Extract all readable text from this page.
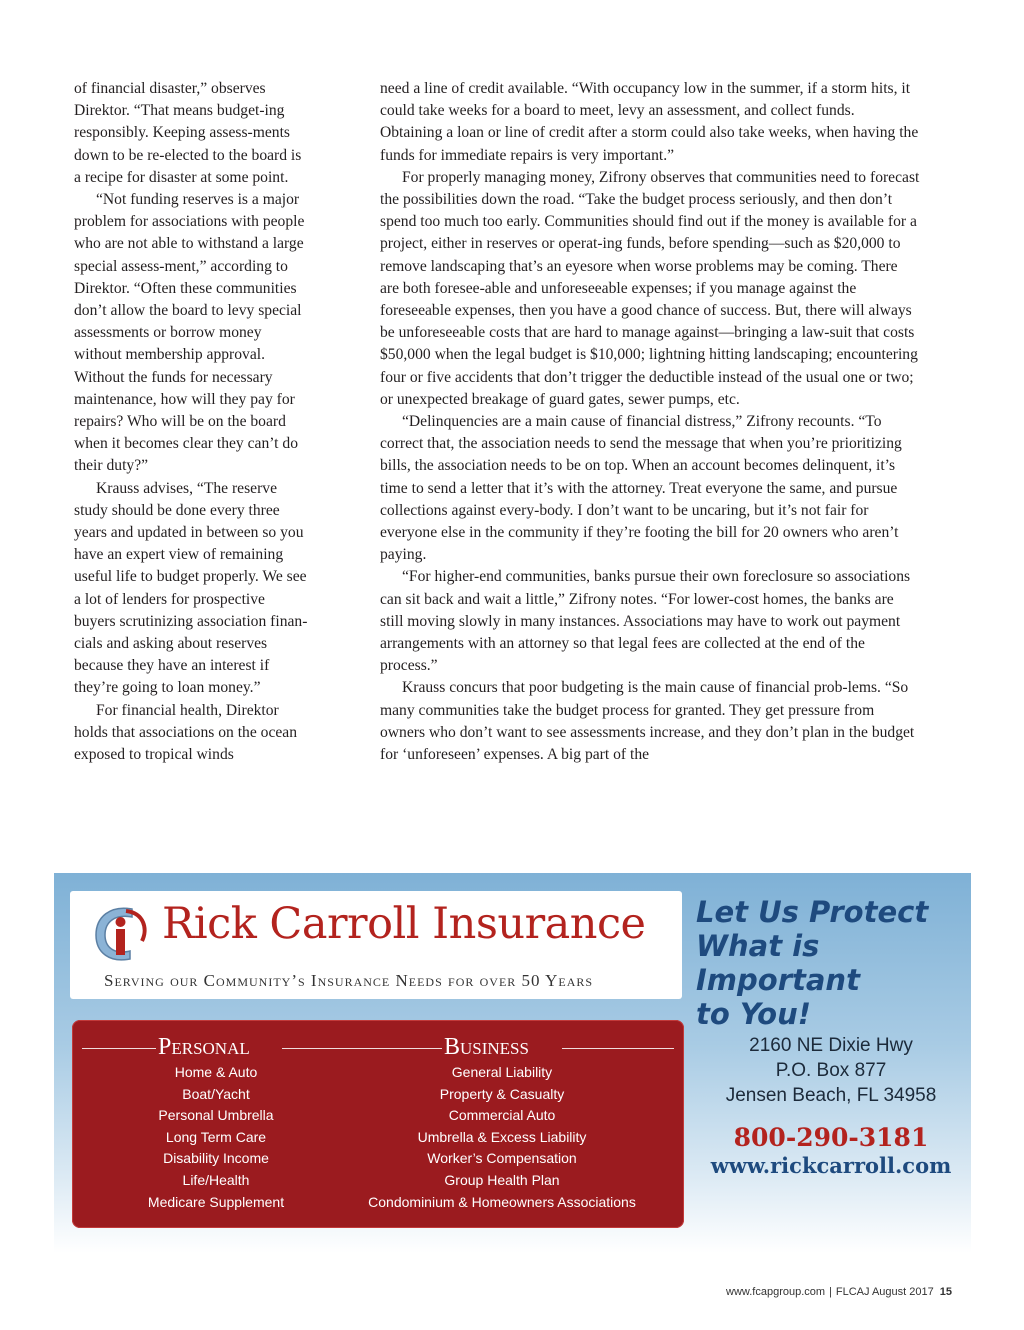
of financial disaster,” observes Direktor. “That means budget-ing responsibly. Keeping assess-ments down to be re-elected to the board is a recipe for disaster at some point.

“Not funding reserves is a major problem for associations with people who are not able to withstand a large special assess-ment,” according to Direktor. “Often these communities don’t allow the board to levy special assessments or borrow money without membership approval. Without the funds for necessary maintenance, how will they pay for repairs? Who will be on the board when it becomes clear they can’t do their duty?”

Krauss advises, “The reserve study should be done every three years and updated in between so you have an expert view of remaining useful life to budget properly. We see a lot of lenders for prospective buyers scrutinizing association finan-cials and asking about reserves because they have an interest if they’re going to loan money.”

For financial health, Direktor holds that associations on the ocean exposed to tropical winds

need a line of credit available. “With occupancy low in the summer, if a storm hits, it could take weeks for a board to meet, levy an assessment, and collect funds. Obtaining a loan or line of credit after a storm could also take weeks, when having the funds for immediate repairs is very important.”

For properly managing money, Zifrony observes that communities need to forecast the possibilities down the road. “Take the budget process seriously, and then don’t spend too much too early. Communities should find out if the money is available for a project, either in reserves or operat-ing funds, before spending—such as $20,000 to remove landscaping that’s an eyesore when worse problems may be coming. There are both foresee-able and unforeseeable expenses; if you manage against the foreseeable expenses, then you have a good chance of success. But, there will always be unforeseeable costs that are hard to manage against—bringing a law-suit that costs $50,000 when the legal budget is $10,000; lightning hitting landscaping; encountering four or five accidents that don’t trigger the deductible instead of the usual one or two; or unexpected breakage of guard gates, sewer pumps, etc.

“Delinquencies are a main cause of financial distress,” Zifrony recounts. “To correct that, the association needs to send the message that when you’re prioritizing bills, the association needs to be on top. When an account becomes delinquent, it’s time to send a letter that it’s with the attorney. Treat everyone the same, and pursue collections against every-body. I don’t want to be uncaring, but it’s not fair for everyone else in the community if they’re footing the bill for 20 owners who aren’t paying.

“For higher-end communities, banks pursue their own foreclosure so associations can sit back and wait a little,” Zifrony notes. “For lower-cost homes, the banks are still moving slowly in many instances. Associations may have to work out payment arrangements with an attorney so that legal fees are collected at the end of the process.”

Krauss concurs that poor budgeting is the main cause of financial prob-lems. “So many communities take the budget process for granted. They get pressure from owners who don’t want to see assessments increase, and they don’t plan in the budget for ‘unforeseen’ expenses. A big part of the

Rick Carroll Insurance
Serving our Community’s Insurance Needs for over 50 Years
Let Us Protect
What is Important
to You!
Personal	Business
Home & Auto
Boat/Yacht
Personal Umbrella
Long Term Care
Disability Income
Life/Health
Medicare Supplement
General Liability
Property & Casualty
Commercial Auto
Umbrella & Excess Liability
Worker’s Compensation
Group Health Plan
Condominium & Homeowners Associations
2160 NE Dixie Hwy
P.O. Box 877
Jensen Beach, FL 34958
800-290-3181
www.rickcarroll.com
www.fcapgroup.com | FLCAJ August 2017 15
